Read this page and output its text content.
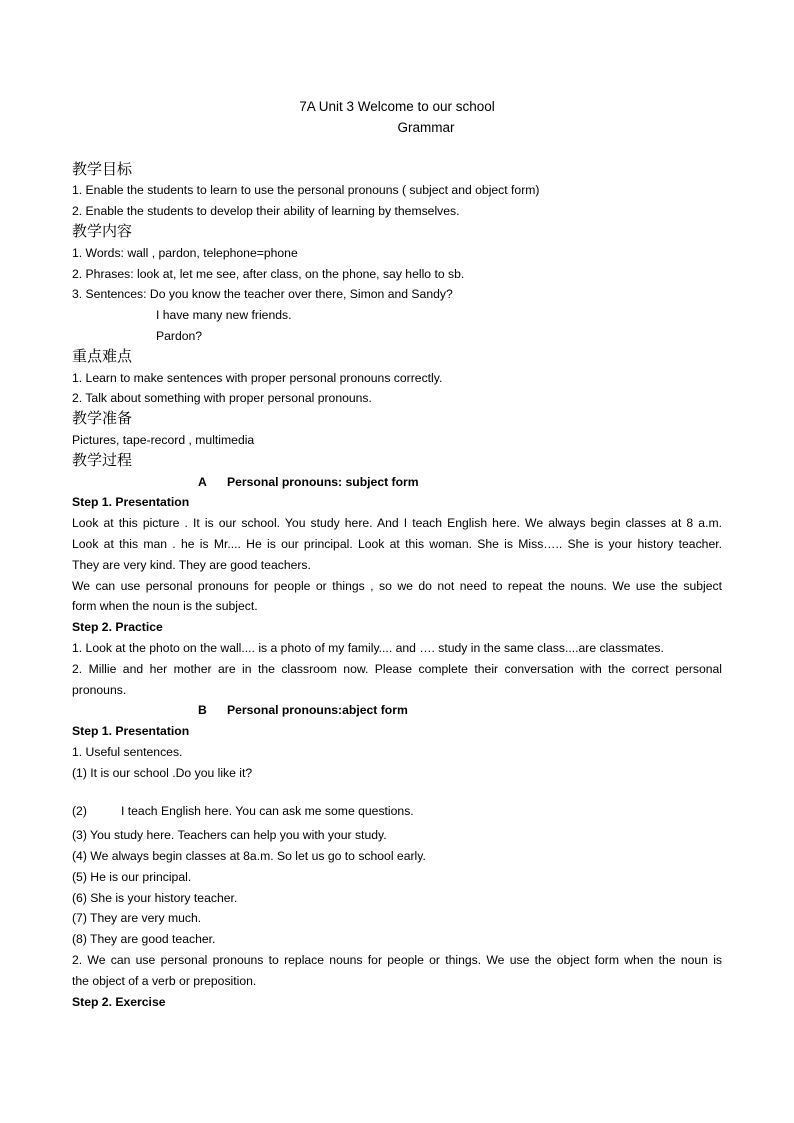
7A Unit 3 Welcome to our school
Grammar
教学目标
1. Enable the students to learn to use the personal pronouns ( subject and object form)
2. Enable the students to develop their ability of learning by themselves.
教学内容
1. Words: wall , pardon, telephone=phone
2. Phrases: look at, let me see, after class, on the phone, say hello to sb.
3. Sentences: Do you know the teacher over there, Simon and Sandy?
I have many new friends.
Pardon?
重点难点
1. Learn to make sentences with proper personal pronouns correctly.
2. Talk about something with proper personal pronouns.
教学准备
Pictures, tape-record , multimedia
教学过程
A Personal pronouns: subject form
Step 1. Presentation
Look at this picture . It is our school. You study here. And I teach English here. We always begin classes at 8 a.m.
Look at this man . he is Mr.... He is our principal. Look at this woman. She is Miss….. She is your history teacher.
They are very kind. They are good teachers.
We can use personal pronouns for people or things , so we do not need to repeat the nouns. We use the subject
form when the noun is the subject.
Step 2. Practice
1. Look at the photo on the wall.... is a photo of my family.... and …. study in the same class....are classmates.
2. Millie and her mother are in the classroom now. Please complete their conversation with the correct personal
pronouns.
B Personal pronouns:abject form
Step 1. Presentation
1. Useful sentences.
(1) It is our school .Do you like it?
(2)	I teach English here. You can ask me some questions.
(3) You study here. Teachers can help you with your study.
(4) We always begin classes at 8a.m. So let us go to school early.
(5) He is our principal.
(6) She is your history teacher.
(7) They are very much.
(8) They are good teacher.
2. We can use personal pronouns to replace nouns for people or things. We use the object form when the noun is
the object of a verb or preposition.
Step 2. Exercise
